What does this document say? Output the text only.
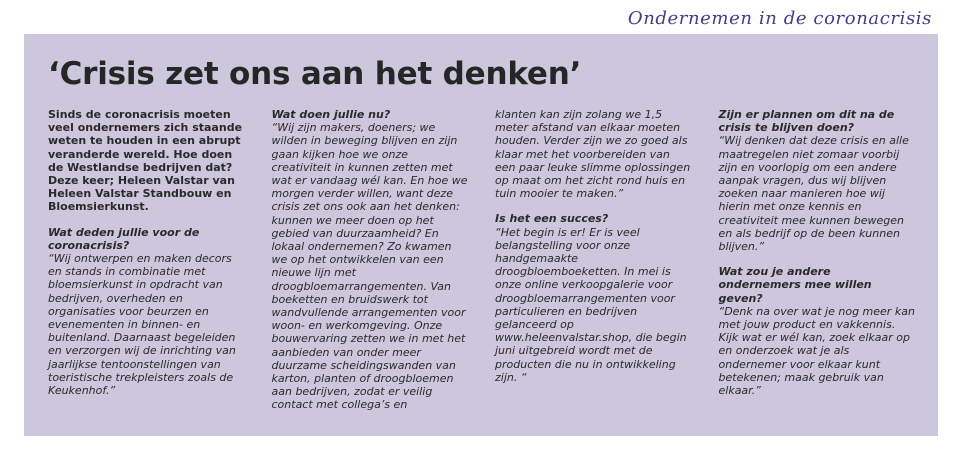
Ondernemen in de coronacrisis
‘Crisis zet ons aan het denken’

Sinds de coronacrisis moeten veel ondernemers zich staande weten te houden in een abrupt veranderde wereld. Hoe doen de Westlandse bedrijven dat? Deze keer; Heleen Valstar van Heleen Valstar Standbouw en Bloemsierkunst.

Wat deden jullie voor de coronacrisis?

“Wij ontwerpen en maken decors en stands in combinatie met bloemsierkunst in opdracht van bedrijven, overheden en organisaties voor beurzen en evenementen in binnen- en buitenland. Daarnaast begeleiden en verzorgen wij de inrichting van jaarlijkse tentoonstellingen van toeristische trekpleisters zoals de Keukenhof.”

Wat doen jullie nu?

“Wij zijn makers, doeners; we wilden in beweging blijven en zijn gaan kijken hoe we onze creativiteit in kunnen zetten met wat er vandaag wél kan. En hoe we morgen verder willen, want deze crisis zet ons ook aan het denken: kunnen we meer doen op het gebied van duurzaamheid? En lokaal ondernemen? Zo kwamen we op het ontwikkelen van een nieuwe lijn met droogbloemarrangementen. Van boeketten en bruidswerk tot wandvullende arrangementen voor woon- en werkomgeving. Onze bouwervaring zetten we in met het aanbieden van onder meer duurzame scheidingswanden van karton, planten of droogbloemen aan bedrijven, zodat er veilig contact met collega’s en

klanten kan zijn zolang we 1,5 meter afstand van elkaar moeten houden. Verder zijn we zo goed als klaar met het voorbereiden van een paar leuke slimme oplossingen op maat om het zicht rond huis en tuin mooier te maken.”

Is het een succes?

“Het begin is er! Er is veel belangstelling voor onze handgemaakte droogbloemboeketten. In mei is onze online verkoopgalerie voor droogbloemarrangementen voor particulieren en bedrijven gelanceerd op www.heleenvalstar.shop, die begin juni uitgebreid wordt met de producten die nu in ontwikkeling zijn. “

Zijn er plannen om dit na de crisis te blijven doen?

“Wij denken dat deze crisis en alle maatregelen niet zomaar voorbij zijn en voorlopig om een andere aanpak vragen, dus wij blijven zoeken naar manieren hoe wij hierin met onze kennis en creativiteit mee kunnen bewegen en als bedrijf op de been kunnen blijven.”

Wat zou je andere ondernemers mee willen geven?

“Denk na over wat je nog meer kan met jouw product en vakkennis. Kijk wat er wél kan, zoek elkaar op en onderzoek wat je als ondernemer voor elkaar kunt betekenen; maak gebruik van elkaar.”
